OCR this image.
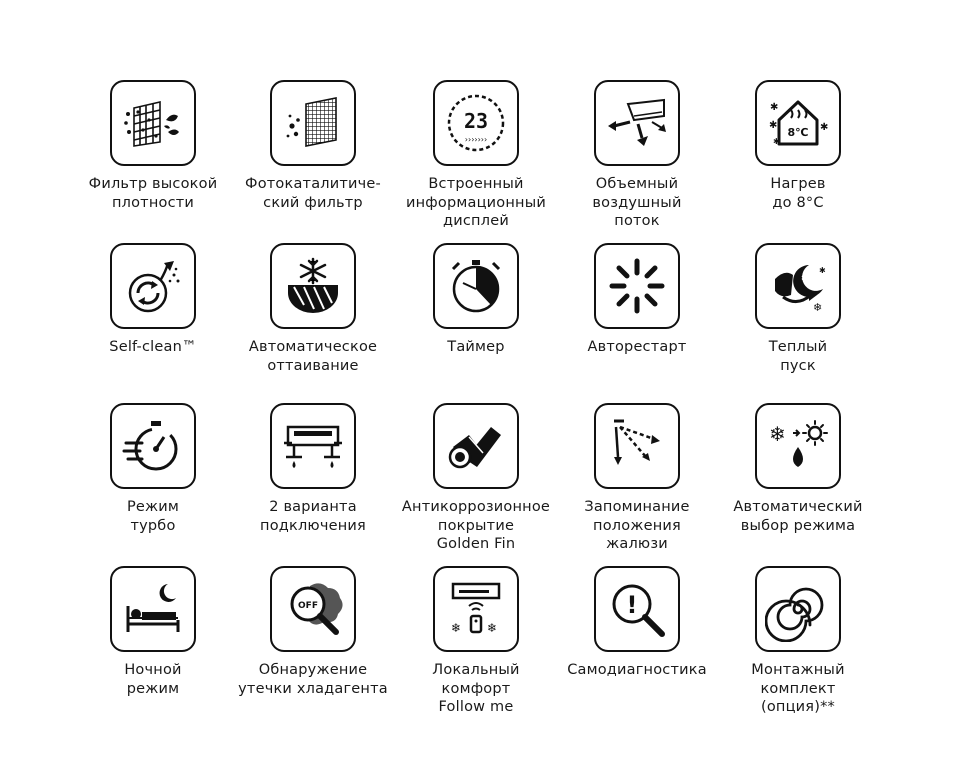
Фильтр высокой
плотности
Фотокаталитиче-
ский фильтр
23
›››››››
Встроенный
информационный
дисплей
Объемный
воздушный
поток
8℃
✱
✱	✱
✱
Нагрев
до 8°C
Self-clean™	Автоматическое
оттаивание
Таймер	Авторестарт
✱
❄
✱
Теплый
пуск
Режим
турбо
2 варианта
подключения
Антикоррозионное
покрытие
Golden Fin
Запоминание
положения
жалюзи
❄
Автоматический
выбор режима
Ночной
режим
OFF
Обнаружение
утечки хладагента
❄ ❄
Локальный
комфорт
Follow me
!
Самодиагностика	Монтажный
комплект
(опция)**
